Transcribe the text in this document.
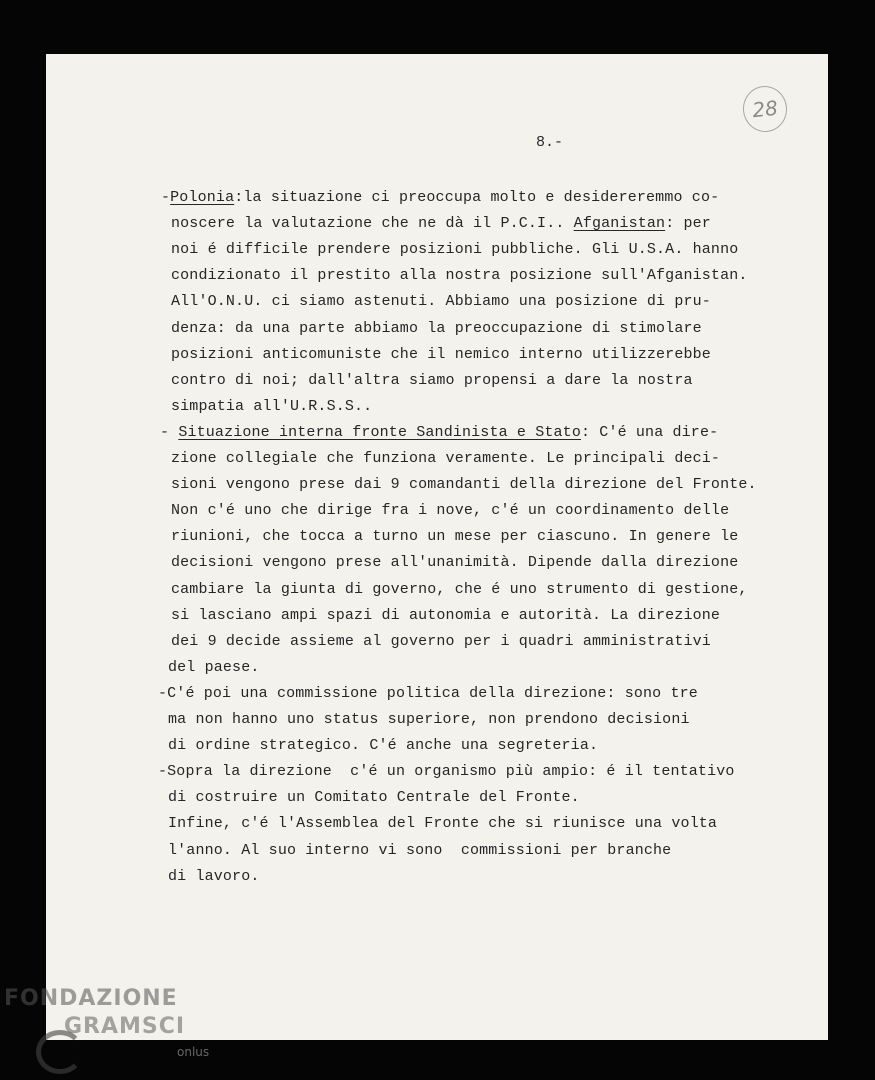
28
8.-
-Polonia:la situazione ci preoccupa molto e desidereremmo co-
noscere la valutazione che ne dà il P.C.I.. Afganistan: per
noi é difficile prendere posizioni pubbliche. Gli U.S.A. hanno
condizionato il prestito alla nostra posizione sull'Afganistan.
All'O.N.U. ci siamo astenuti. Abbiamo una posizione di pru-
denza: da una parte abbiamo la preoccupazione di stimolare
posizioni anticomuniste che il nemico interno utilizzerebbe
contro di noi; dall'altra siamo propensi a dare la nostra
simpatia all'U.R.S.S..
- Situazione interna fronte Sandinista e Stato: C'é una dire-
zione collegiale che funziona veramente. Le principali deci-
sioni vengono prese dai 9 comandanti della direzione del Fronte.
Non c'é uno che dirige fra i nove, c'é un coordinamento delle
riunioni, che tocca a turno un mese per ciascuno. In genere le
decisioni vengono prese all'unanimità. Dipende dalla direzione
cambiare la giunta di governo, che é uno strumento di gestione,
si lasciano ampi spazi di autonomia e autorità. La direzione
dei 9 decide assieme al governo per i quadri amministrativi
del paese.
-C'é poi una commissione politica della direzione: sono tre
ma non hanno uno status superiore, non prendono decisioni
di ordine strategico. C'é anche una segreteria.
-Sopra la direzione  c'é un organismo più ampio: é il tentativo
di costruire un Comitato Centrale del Fronte.
Infine, c'é l'Assemblea del Fronte che si riunisce una volta
l'anno. Al suo interno vi sono  commissioni per branche
di lavoro.
FONDAZIONE
GRAMSCI
onlus
